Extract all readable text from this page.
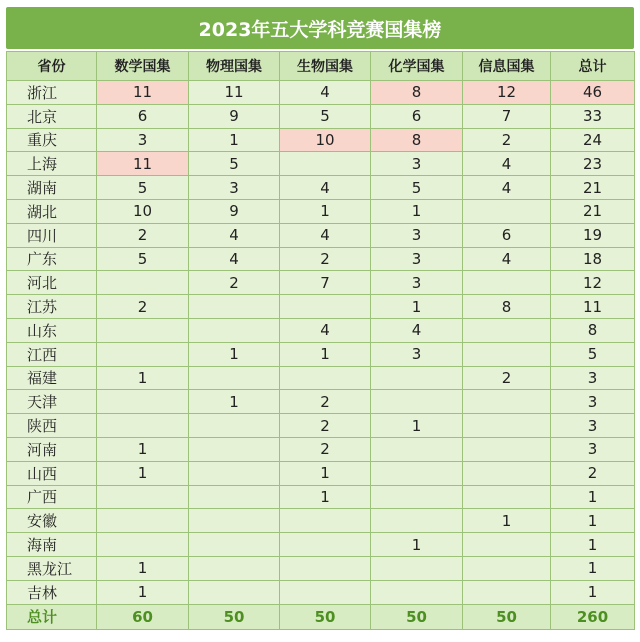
2023年五大学科竞赛国集榜
省份	数学国集	物理国集	生物国集	化学国集	信息国集	总计
浙江	11	11	4	8	12	46
北京	6	9	5	6	7	33
重庆	3	1	10	8	2	24
上海	11	5		3	4	23
湖南	5	3	4	5	4	21
湖北	10	9	1	1		21
四川	2	4	4	3	6	19
广东	5	4	2	3	4	18
河北		2	7	3		12
江苏	2			1	8	11
山东			4	4		8
江西		1	1	3		5
福建	1				2	3
天津		1	2			3
陕西			2	1		3
河南	1		2			3
山西	1		1			2
广西			1			1
安徽					1	1
海南				1		1
黑龙江	1					1
吉林	1					1
总计	60	50	50	50	50	260
